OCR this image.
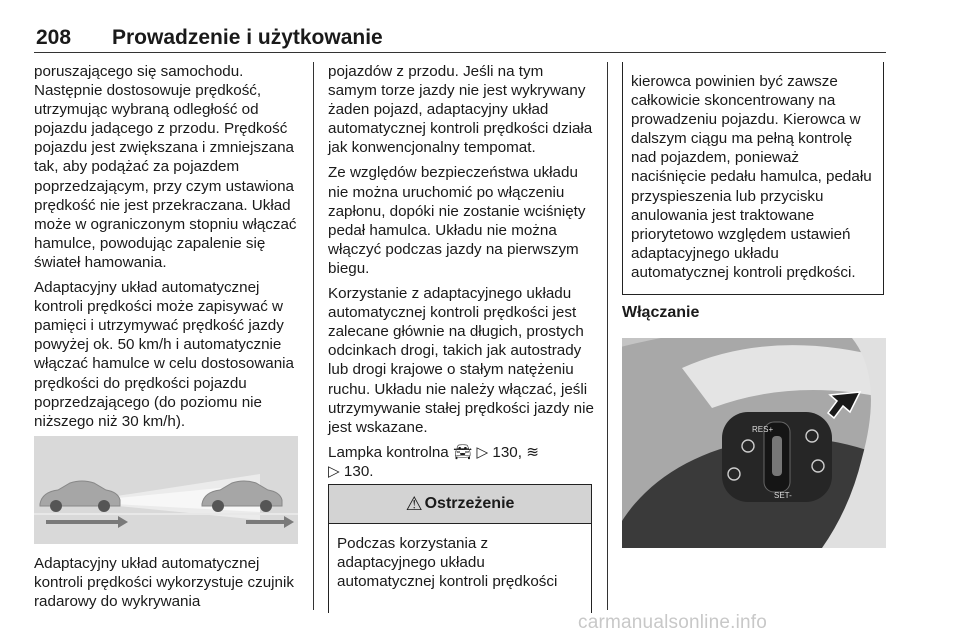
208 Prowadzenie i użytkowanie

poruszającego się samochodu. Następnie dostosowuje prędkość, utrzymując wybraną odległość od pojazdu jadącego z przodu. Prędkość pojazdu jest zwiększana i zmniejszana tak, aby podążać za pojazdem poprzedzającym, przy czym ustawiona prędkość nie jest przekraczana. Układ może w ograniczonym stopniu włączać hamulce, powodując zapalenie się świateł hamowania.

Adaptacyjny układ automatycznej kontroli prędkości może zapisywać w pamięci i utrzymywać prędkość jazdy powyżej ok. 50 km/h i automatycznie włączać hamulce w celu dostosowania prędkości do prędkości pojazdu poprzedzającego (do poziomu nie niższego niż 30 km/h).

Adaptacyjny układ automatycznej kontroli prędkości wykorzystuje czujnik radarowy do wykrywania

pojazdów z przodu. Jeśli na tym samym torze jazdy nie jest wykrywany żaden pojazd, adaptacyjny układ automatycznej kontroli prędkości działa jak konwencjonalny tempomat.

Ze względów bezpieczeństwa układu nie można uruchomić po włączeniu zapłonu, dopóki nie zostanie wciśnięty pedał hamulca. Układu nie można włączyć podczas jazdy na pierwszym biegu.

Korzystanie z adaptacyjnego układu automatycznej kontroli prędkości jest zalecane głównie na długich, prostych odcinkach drogi, takich jak autostrady lub drogi krajowe o stałym natężeniu ruchu. Układu nie należy włączać, jeśli utrzymywanie stałej prędkości jazdy nie jest wskazane.

Lampka kontrolna 🚘︎ ▷ 130, ≋
▷ 130.

⚠ Ostrzeżenie
Podczas korzystania z adaptacyjnego układu automatycznej kontroli prędkości
kierowca powinien być zawsze całkowicie skoncentrowany na prowadzeniu pojazdu. Kierowca w dalszym ciągu ma pełną kontrolę nad pojazdem, ponieważ naciśnięcie pedału hamulca, pedału przyspieszenia lub przycisku anulowania jest traktowane priorytetowo względem ustawień adaptacyjnego układu automatycznej kontroli prędkości.
Włączanie
RES+
SET-
carmanualsonline.info
